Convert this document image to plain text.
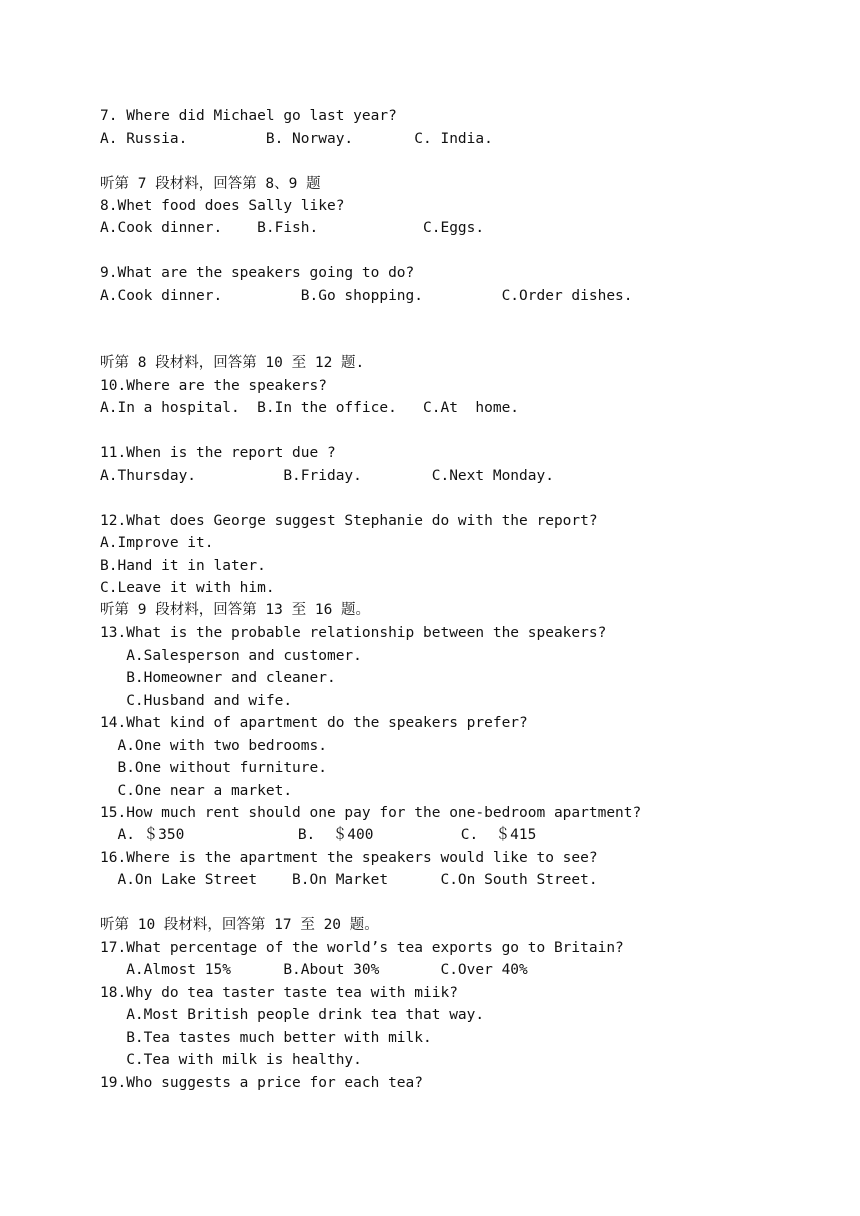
7. Where did Michael go last year?
A. Russia.         B. Norway.       C. India.
听第 7 段材料，回答第 8、9 题
8.Whet food does Sally like?
A.Cook dinner.    B.Fish.            C.Eggs.
9.What are the speakers going to do?
A.Cook dinner.         B.Go shopping.         C.Order dishes.
听第 8 段材料，回答第 10 至 12 题.
10.Where are the speakers?
A.In a hospital.  B.In the office.   C.At  home.
11.When is the report due ?
A.Thursday.          B.Friday.        C.Next Monday.
12.What does George suggest Stephanie do with the report?
A.Improve it.
B.Hand it in later.
C.Leave it with him.
听第 9 段材料，回答第 13 至 16 题。
13.What is the probable relationship between the speakers?
A.Salesperson and customer.
B.Homeowner and cleaner.
C.Husband and wife.
14.What kind of apartment do the speakers prefer?
A.One with two bedrooms.
B.One without furniture.
C.One near a market.
15.How much rent should one pay for the one-bedroom apartment?
A. ＄350             B.  ＄400          C.  ＄415
16.Where is the apartment the speakers would like to see?
A.On Lake Street    B.On Market      C.On South Street.
听第 10 段材料，回答第 17 至 20 题。
17.What percentage of the world’s tea exports go to Britain?
A.Almost 15%      B.About 30%       C.Over 40%
18.Why do tea taster taste tea with miik?
A.Most British people drink tea that way.
B.Tea tastes much better with milk.
C.Tea with milk is healthy.
19.Who suggests a price for each tea?
